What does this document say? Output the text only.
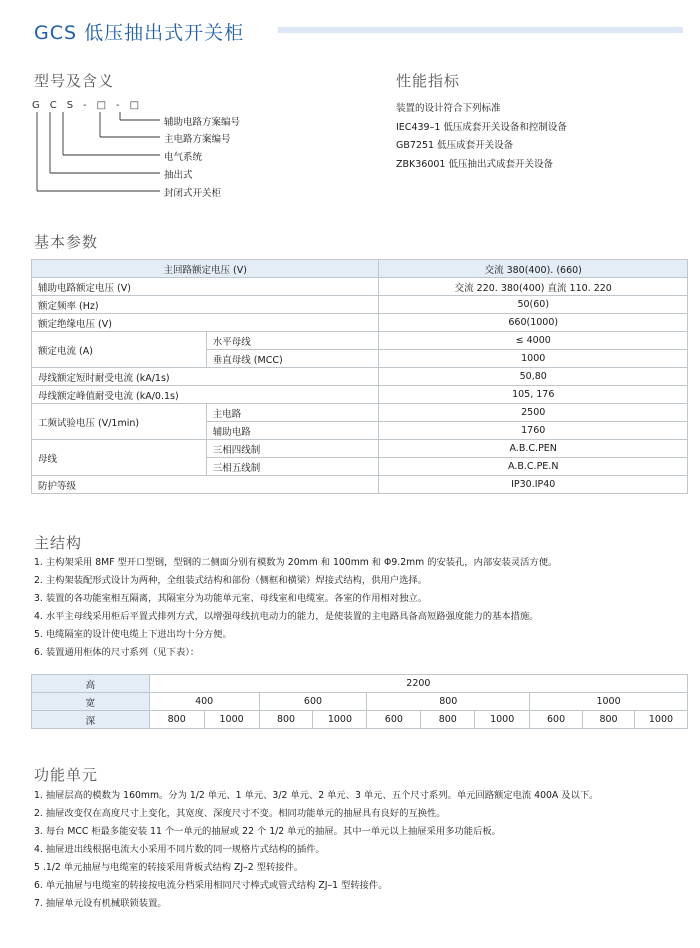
GCS 低压抽出式开关柜
型号及含义
G C S - □ - □
辅助电路方案编号
主电路方案编号
电气系统
抽出式
封闭式开关柜
性能指标
装置的设计符合下列标准
IEC439–1 低压成套开关设备和控制设备
GB7251 低压成套开关设备
ZBK36001 低压抽出式成套开关设备
基本参数
主回路额定电压 (V)		交流 380(400). (660)
辅助电路额定电压 (V)		交流 220. 380(400) 直流 110. 220
额定频率 (Hz)		50(60)
额定绝缘电压 (V)		660(1000)
额定电流 (A)	水平母线	≤ 4000
	垂直母线 (MCC)	1000
母线额定短时耐受电流 (kA/1s)		50,80
母线额定峰值耐受电流 (kA/0.1s)		105, 176
工频试验电压 (V/1min)	主电路	2500
	辅助电路	1760
母线	三相四线制	A.B.C.PEN
	三相五线制	A.B.C.PE.N
防护等级		IP30.IP40
主结构
1. 主构架采用 8MF 型开口型钢，型钢的二侧面分别有模数为 20mm 和 100mm 和 Φ9.2mm 的安装孔，内部安装灵活方便。
2. 主构架装配形式设计为两种，全组装式结构和部份（侧框和横梁）焊接式结构，供用户选择。
3. 装置的各功能室相互隔离，其隔室分为功能单元室、母线室和电缆室。各室的作用相对独立。
4. 水平主母线采用柜后平置式排列方式，以增强母线抗电动力的能力，是使装置的主电路具备高短路强度能力的基本措施。
5. 电缆隔室的设计使电缆上下进出均十分方便。
6. 装置通用柜体的尺寸系列（见下表）：
高	2200									
宽	400		600		800			1000		
深	800	1000	800	1000	600	800	1000	600	800	1000
功能单元
1. 抽屉层高的模数为 160mm。分为 1/2 单元、1 单元、3/2 单元、2 单元、3 单元、五个尺寸系列。单元回路额定电流 400A 及以下。
2. 抽屉改变仅在高度尺寸上变化，其宽度、深度尺寸不变。相同功能单元的抽屉具有良好的互换性。
3. 每台 MCC 柜最多能安装 11 个一单元的抽屉或 22 个 1/2 单元的抽屉。其中一单元以上抽屉采用多功能后板。
4. 抽屉进出线根据电流大小采用不同片数的同一规格片式结构的插件。
5 .1/2 单元抽屉与电缆室的转接采用背板式结构 ZJ–2 型转接件。
6. 单元抽屉与电缆室的转接按电流分档采用相同尺寸棒式或管式结构 ZJ–1 型转接件。
7. 抽屉单元设有机械联锁装置。
